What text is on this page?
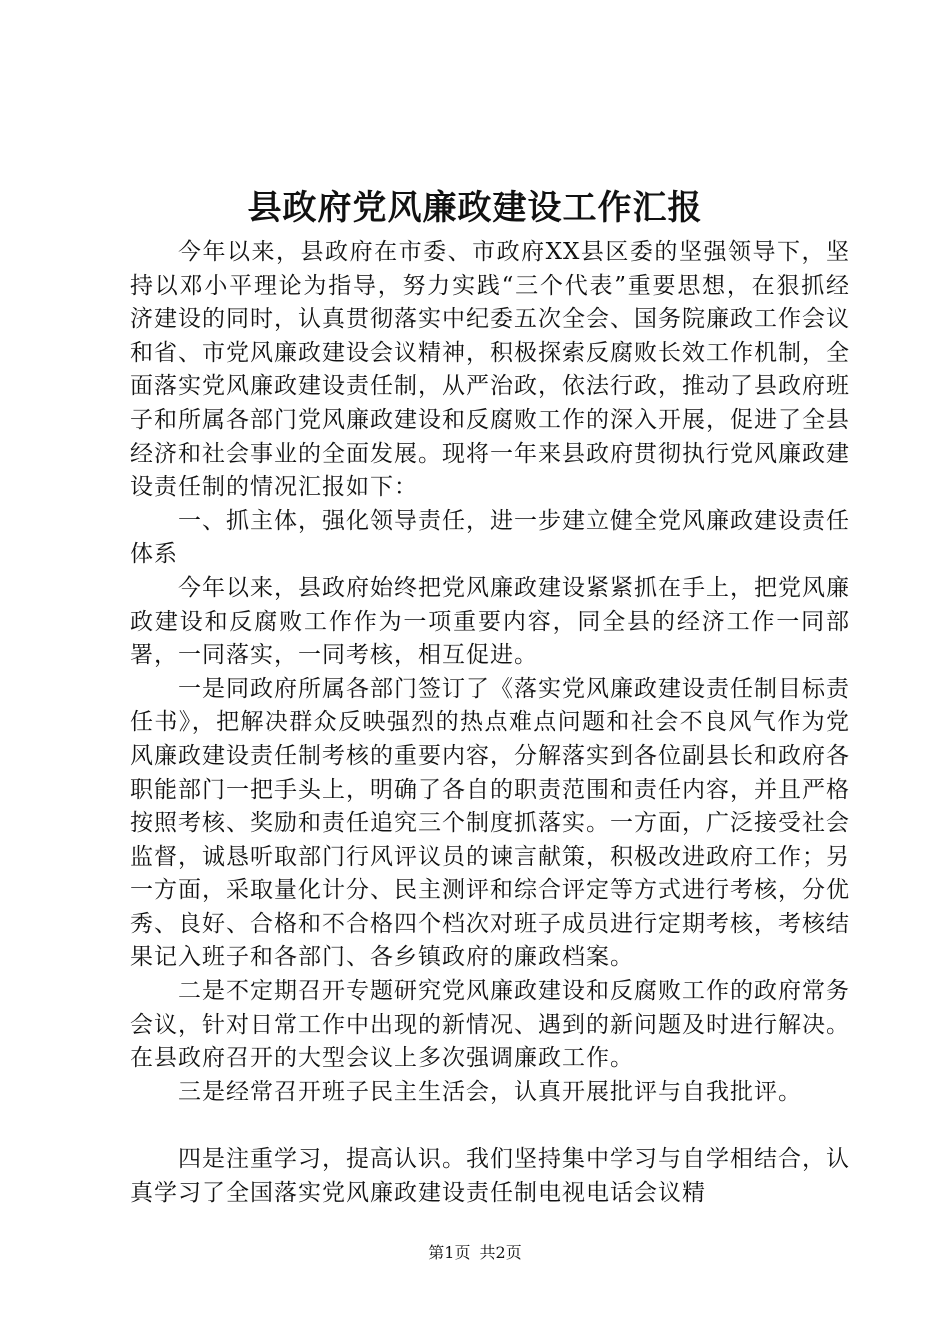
县政府党风廉政建设工作汇报

今年以来，县政府在市委、市政府XX县区委的坚强领导下，坚持以邓小平理论为指导，努力实践“三个代表”重要思想，在狠抓经济建设的同时，认真贯彻落实中纪委五次全会、国务院廉政工作会议和省、市党风廉政建设会议精神，积极探索反腐败长效工作机制，全面落实党风廉政建设责任制，从严治政，依法行政，推动了县政府班子和所属各部门党风廉政建设和反腐败工作的深入开展，促进了全县经济和社会事业的全面发展。现将一年来县政府贯彻执行党风廉政建设责任制的情况汇报如下：

一、抓主体，强化领导责任，进一步建立健全党风廉政建设责任体系

今年以来，县政府始终把党风廉政建设紧紧抓在手上，把党风廉政建设和反腐败工作作为一项重要内容，同全县的经济工作一同部署，一同落实，一同考核，相互促进。

一是同政府所属各部门签订了《落实党风廉政建设责任制目标责任书》，把解决群众反映强烈的热点难点问题和社会不良风气作为党风廉政建设责任制考核的重要内容，分解落实到各位副县长和政府各职能部门一把手头上，明确了各自的职责范围和责任内容，并且严格按照考核、奖励和责任追究三个制度抓落实。一方面，广泛接受社会监督，诚恳听取部门行风评议员的谏言献策，积极改进政府工作；另一方面，采取量化计分、民主测评和综合评定等方式进行考核，分优秀、良好、合格和不合格四个档次对班子成员进行定期考核，考核结果记入班子和各部门、各乡镇政府的廉政档案。

二是不定期召开专题研究党风廉政建设和反腐败工作的政府常务会议，针对日常工作中出现的新情况、遇到的新问题及时进行解决。在县政府召开的大型会议上多次强调廉政工作。

三是经常召开班子民主生活会，认真开展批评与自我批评。

四是注重学习，提高认识。我们坚持集中学习与自学相结合，认真学习了全国落实党风廉政建设责任制电视电话会议精

第1页 共2页
